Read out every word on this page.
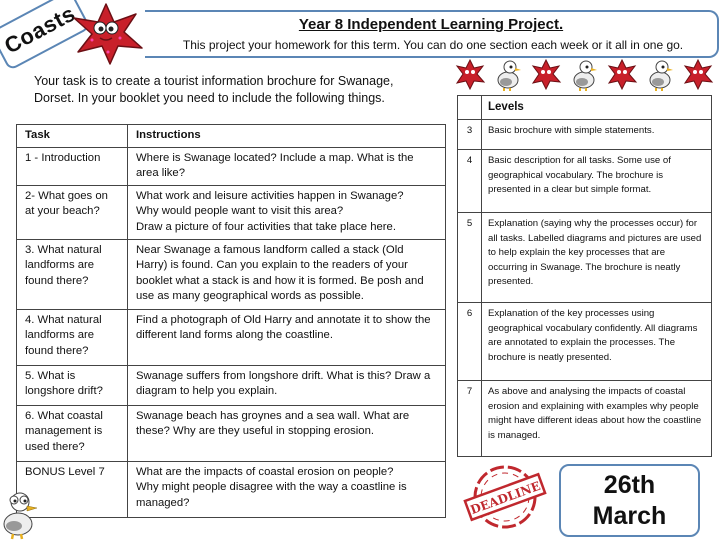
Coasts	Year 8 Independent Learning Project.
This project your homework for this term. You can do one section each week or it all in one go.
Your task is to create a tourist information brochure for Swanage,
Dorset. In your booklet you need to include the following things.
Task	Instructions
1 - Introduction	Where is Swanage located? Include a map. What is the area like?

2- What goes on at your beach?	What work and leisure activities happen in Swanage?
Why would people want to visit this area?
Draw a picture of four activities that take place here.

3. What natural landforms are found there?	Near Swanage a famous landform called a stack (Old Harry) is found. Can you explain to the readers of your booklet what a stack is and how it is formed. Be posh and use as many geographical words as possible.

4. What natural landforms are found there?	Find a photograph of Old Harry and annotate it to show the different land forms along the coastline.

5. What is longshore drift?	Swanage suffers from longshore drift. What is this? Draw a diagram to help you explain.

6. What coastal management is used there?	Swanage beach has groynes and a sea wall. What are these? Why are they useful in stopping erosion.

BONUS Level 7	What are the impacts of coastal erosion on people?
Why might people disagree with the way a coastline is managed?
	Levels
3	Basic brochure with simple statements.
4	Basic description for all tasks. Some use of geographical vocabulary. The brochure is presented in a clear but simple format.
5	Explanation (saying why the processes occur) for all tasks. Labelled diagrams and pictures are used to help explain the key processes that are occurring in Swanage. The brochure is neatly presented.
6	Explanation of the key processes using geographical vocabulary confidently. All diagrams are annotated to explain the processes. The brochure is neatly presented.
7	As above and analysing the impacts of coastal erosion and explaining with examples why people might have different ideas about how the coastline is managed.
DEADLINE 26th
March
